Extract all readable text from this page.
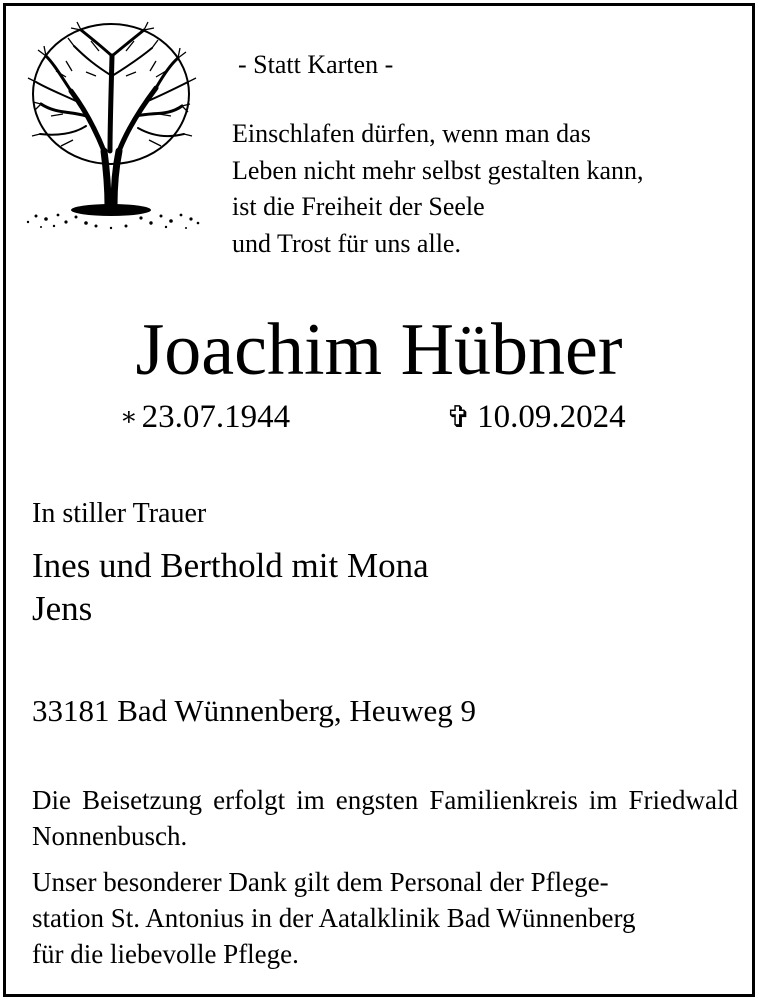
- Statt Karten -
Einschlafen dürfen, wenn man das
Leben nicht mehr selbst gestalten kann,
ist die Freiheit der Seele
und Trost für uns alle.
Joachim Hübner
∗ 23.07.1944	✞ 10.09.2024
In stiller Trauer
Ines und Berthold mit Mona
Jens
33181 Bad Wünnenberg, Heuweg 9
Die Beisetzung erfolgt im engsten Familienkreis im Friedwald Nonnenbusch.
Unser besonderer Dank gilt dem Personal der Pflege-
station St. Antonius in der Aatalklinik Bad Wünnenberg
für die liebevolle Pflege.
